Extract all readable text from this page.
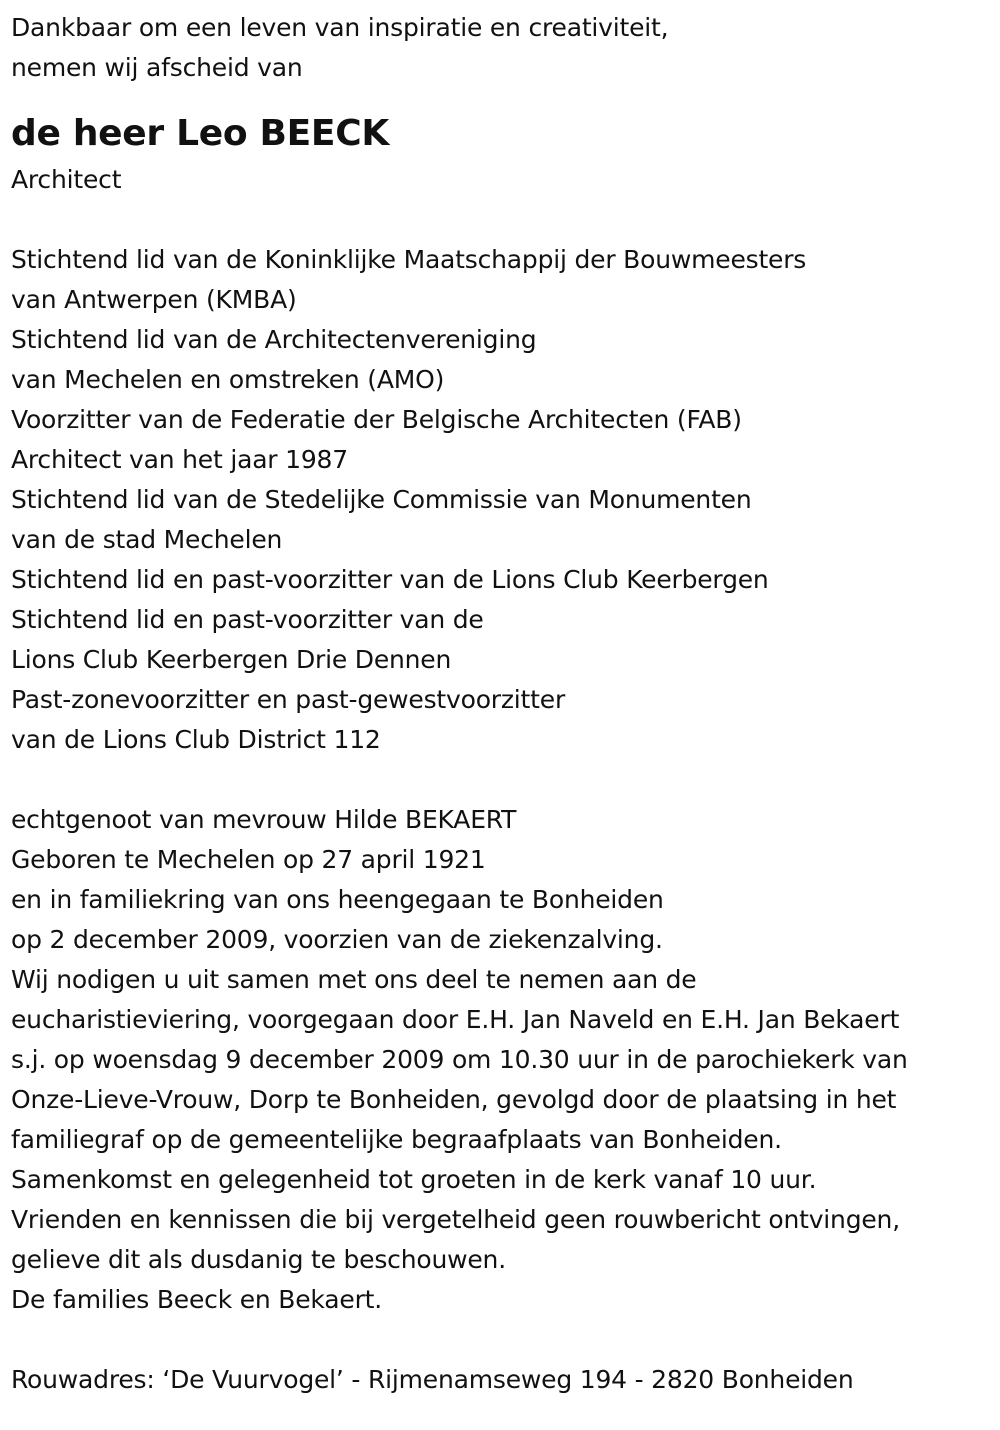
Dankbaar om een leven van inspiratie en creativiteit,
nemen wij afscheid van
de heer Leo BEECK
Architect
Stichtend lid van de Koninklijke Maatschappij der Bouwmeesters
van Antwerpen (KMBA)
Stichtend lid van de Architectenvereniging
van Mechelen en omstreken (AMO)
Voorzitter van de Federatie der Belgische Architecten (FAB)
Architect van het jaar 1987
Stichtend lid van de Stedelijke Commissie van Monumenten
van de stad Mechelen
Stichtend lid en past-voorzitter van de Lions Club Keerbergen
Stichtend lid en past-voorzitter van de
Lions Club Keerbergen Drie Dennen
Past-zonevoorzitter en past-gewestvoorzitter
van de Lions Club District 112
echtgenoot van mevrouw Hilde BEKAERT
Geboren te Mechelen op 27 april 1921
en in familiekring van ons heengegaan te Bonheiden
op 2 december 2009, voorzien van de ziekenzalving.
Wij nodigen u uit samen met ons deel te nemen aan de
eucharistieviering, voorgegaan door E.H. Jan Naveld en E.H. Jan Bekaert
s.j. op woensdag 9 december 2009 om 10.30 uur in de parochiekerk van
Onze-Lieve-Vrouw, Dorp te Bonheiden, gevolgd door de plaatsing in het
familiegraf op de gemeentelijke begraafplaats van Bonheiden.
Samenkomst en gelegenheid tot groeten in de kerk vanaf 10 uur.
Vrienden en kennissen die bij vergetelheid geen rouwbericht ontvingen,
gelieve dit als dusdanig te beschouwen.
De families Beeck en Bekaert.
Rouwadres: ‘De Vuurvogel’ - Rijmenamseweg 194 - 2820 Bonheiden
